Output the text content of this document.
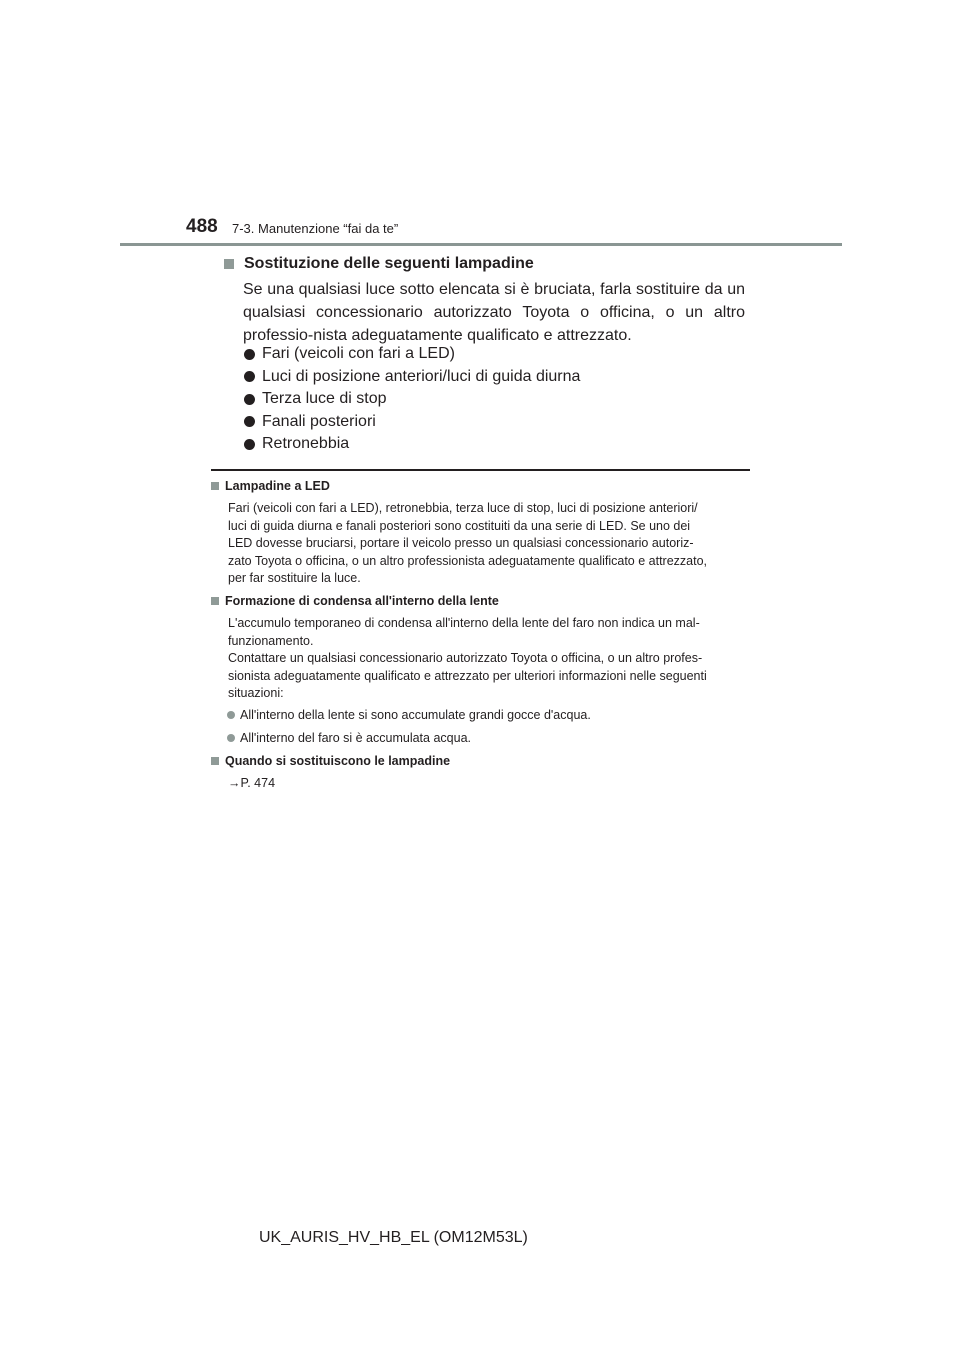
488 7-3. Manutenzione “fai da te”
Sostituzione delle seguenti lampadine
Se una qualsiasi luce sotto elencata si è bruciata, farla sostituire da un qualsiasi concessionario autorizzato Toyota o officina, o un altro professio-nista adeguatamente qualificato e attrezzato.
Fari (veicoli con fari a LED)
Luci di posizione anteriori/luci di guida diurna
Terza luce di stop
Fanali posteriori
Retronebbia
Lampadine a LED
Fari (veicoli con fari a LED), retronebbia, terza luce di stop, luci di posizione anteriori/
luci di guida diurna e fanali posteriori sono costituiti da una serie di LED. Se uno dei
LED dovesse bruciarsi, portare il veicolo presso un qualsiasi concessionario autoriz-
zato Toyota o officina, o un altro professionista adeguatamente qualificato e attrezzato,
per far sostituire la luce.
Formazione di condensa all'interno della lente
L'accumulo temporaneo di condensa all'interno della lente del faro non indica un mal-
funzionamento.
Contattare un qualsiasi concessionario autorizzato Toyota o officina, o un altro profes-
sionista adeguatamente qualificato e attrezzato per ulteriori informazioni nelle seguenti
situazioni:
All'interno della lente si sono accumulate grandi gocce d'acqua.
All'interno del faro si è accumulata acqua.
Quando si sostituiscono le lampadine
→P. 474
UK_AURIS_HV_HB_EL (OM12M53L)
